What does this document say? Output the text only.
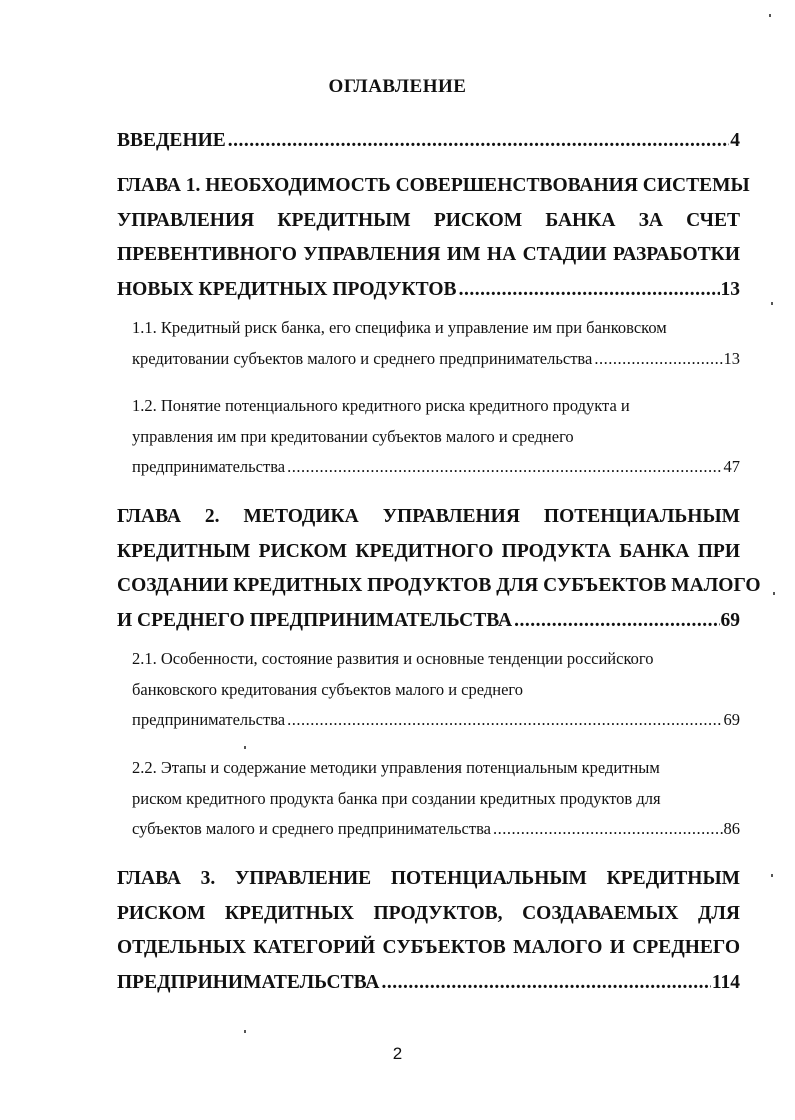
ОГЛАВЛЕНИЕ
ВВЕДЕНИЕ .....	4
ГЛАВА 1. НЕОБХОДИМОСТЬ СОВЕРШЕНСТВОВАНИЯ СИСТЕМЫ
УПРАВЛЕНИЯ КРЕДИТНЫМ РИСКОМ БАНКА ЗА СЧЕТ
ПРЕВЕНТИВНОГО УПРАВЛЕНИЯ ИМ НА СТАДИИ РАЗРАБОТКИ
НОВЫХ КРЕДИТНЫХ ПРОДУКТОВ .....	13
1.1. Кредитный риск банка, его специфика и управление им при банковском
кредитовании субъектов малого и среднего предпринимательства .....	13
1.2. Понятие потенциального кредитного риска кредитного продукта и
управления им при кредитовании субъектов малого и среднего
предпринимательства .....	47
ГЛАВА 2. МЕТОДИКА УПРАВЛЕНИЯ ПОТЕНЦИАЛЬНЫМ
КРЕДИТНЫМ РИСКОМ КРЕДИТНОГО ПРОДУКТА БАНКА ПРИ
СОЗДАНИИ КРЕДИТНЫХ ПРОДУКТОВ ДЛЯ СУБЪЕКТОВ МАЛОГО
И СРЕДНЕГО ПРЕДПРИНИМАТЕЛЬСТВА .....	69
2.1. Особенности, состояние развития и основные тенденции российского
банковского кредитования субъектов малого и среднего
предпринимательства .....	69
2.2. Этапы и содержание методики управления потенциальным кредитным
риском кредитного продукта банка при создании кредитных продуктов для
субъектов малого и среднего предпринимательства .....	86
ГЛАВА 3. УПРАВЛЕНИЕ ПОТЕНЦИАЛЬНЫМ КРЕДИТНЫМ
РИСКОМ КРЕДИТНЫХ ПРОДУКТОВ, СОЗДАВАЕМЫХ ДЛЯ
ОТДЕЛЬНЫХ КАТЕГОРИЙ СУБЪЕКТОВ МАЛОГО И СРЕДНЕГО
ПРЕДПРИНИМАТЕЛЬСТВА .....	114
2
